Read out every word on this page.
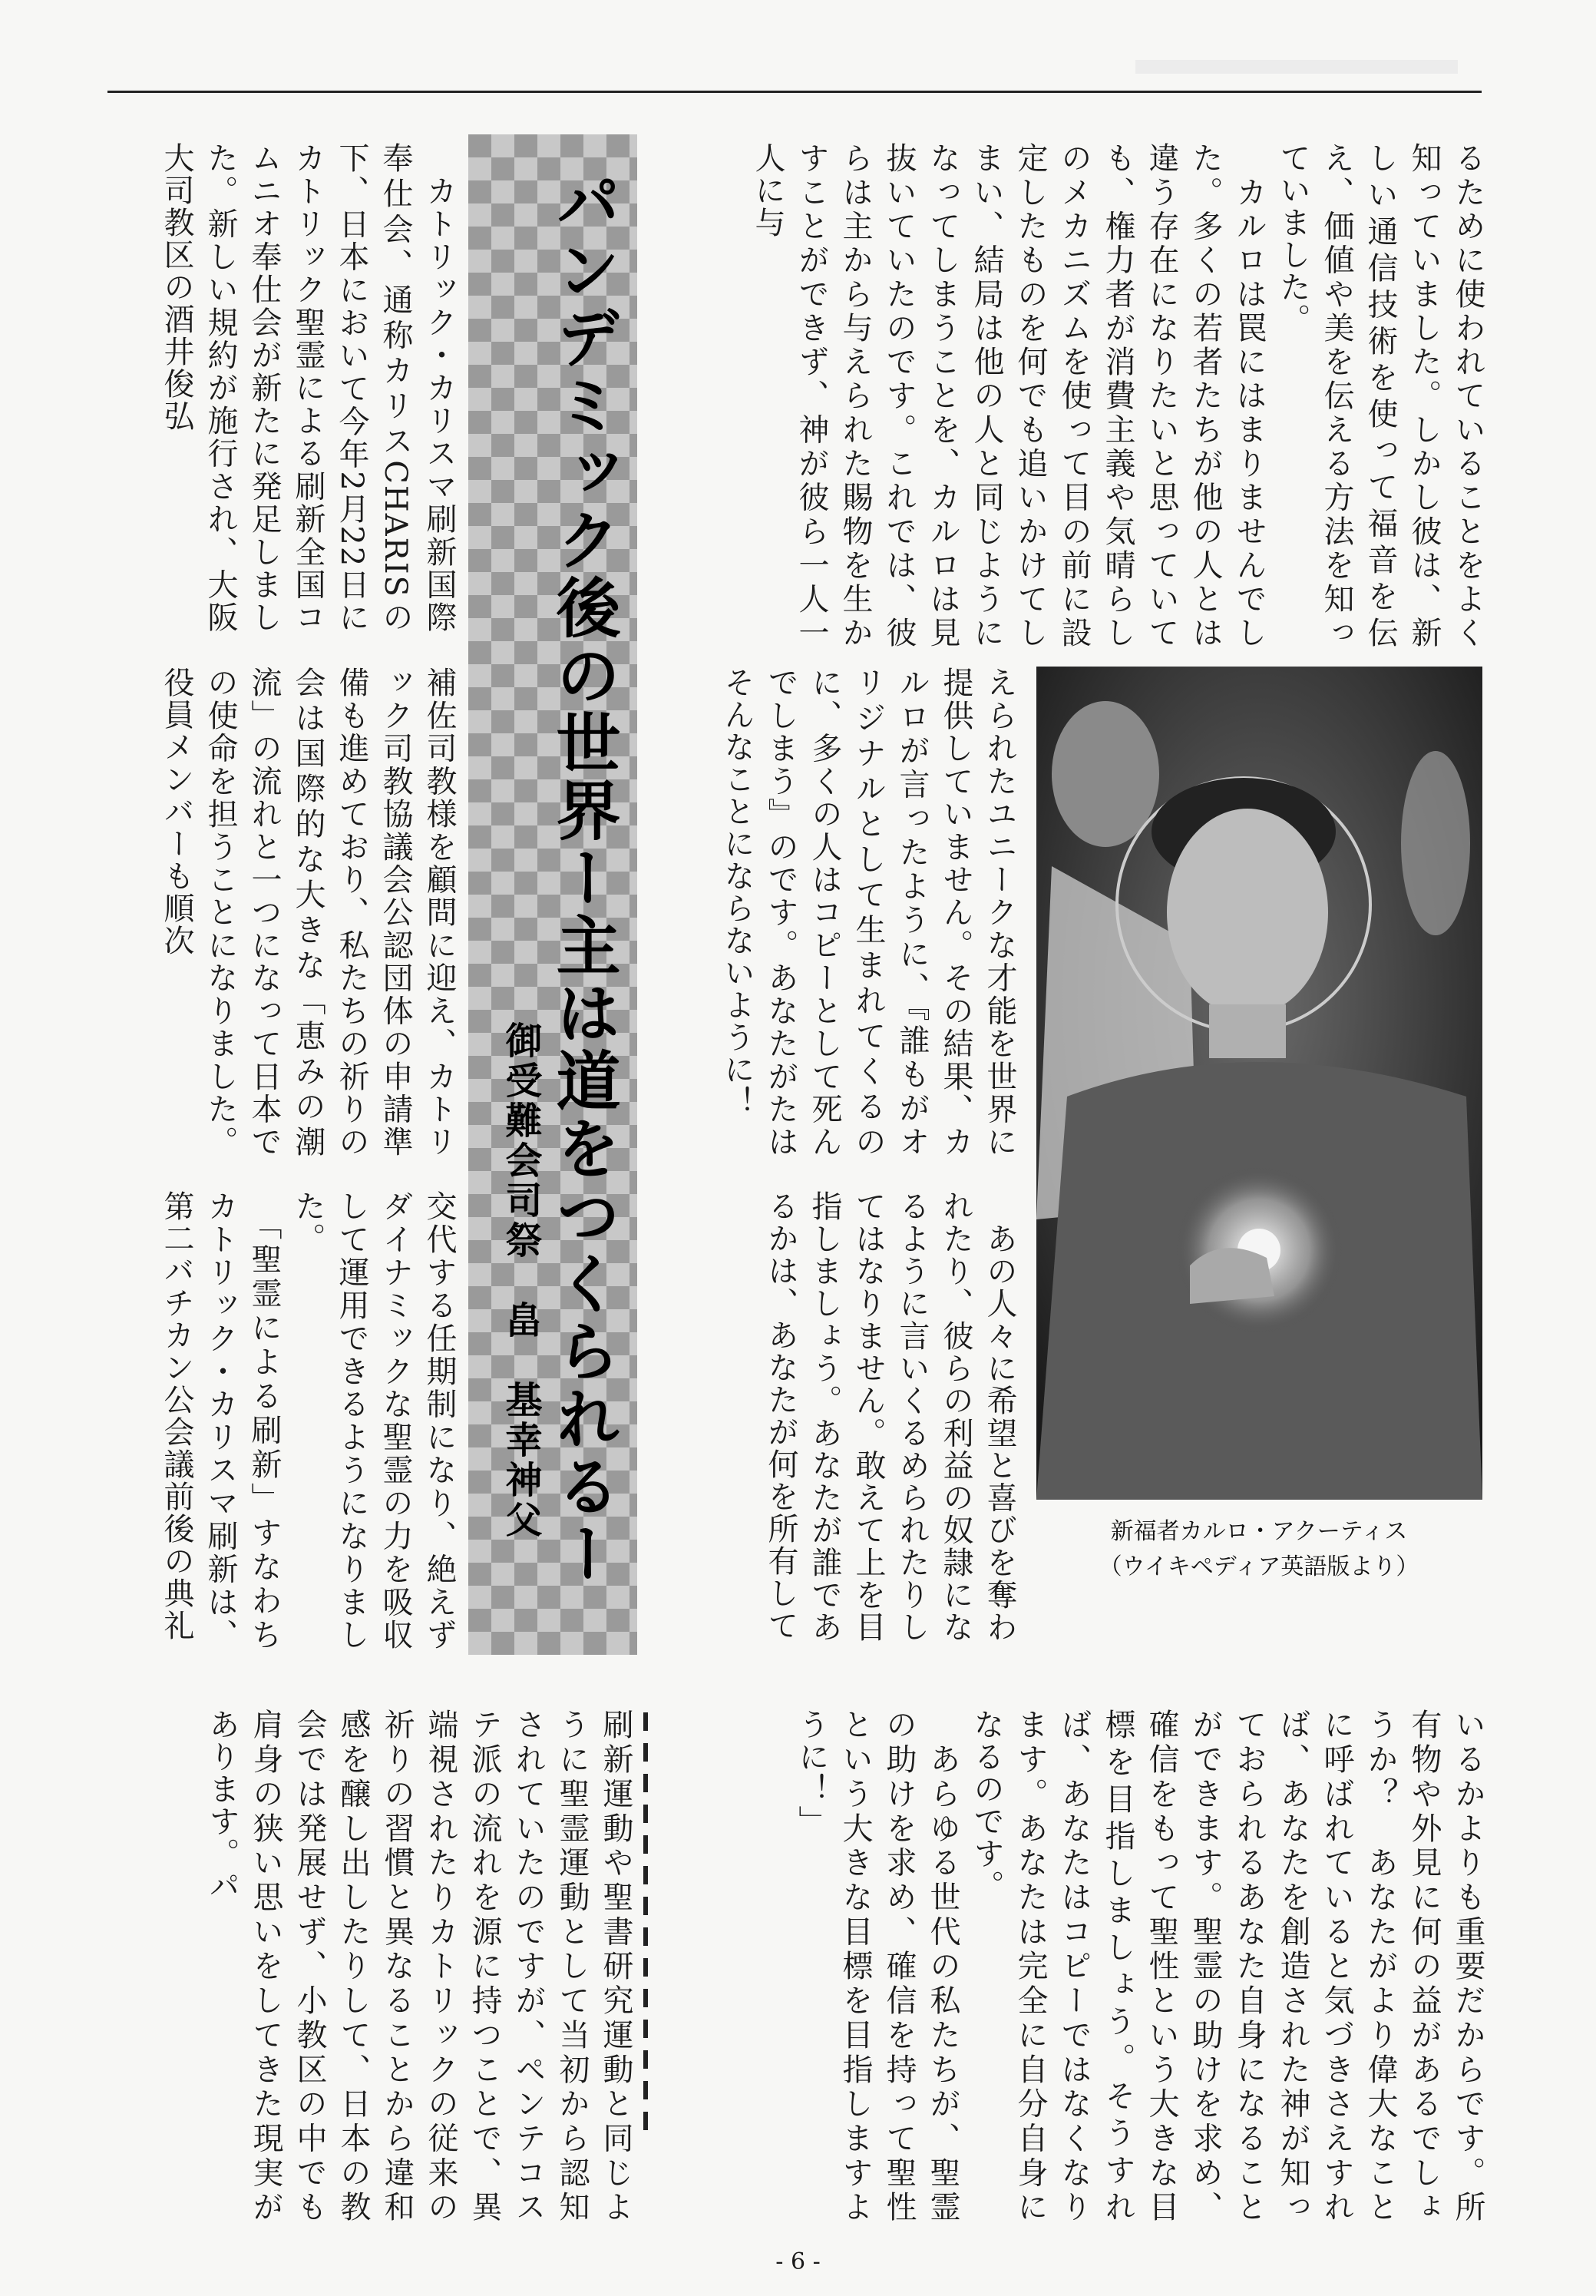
るために使われていることをよく知っていました。しかし彼は、新しい通信技術を使って福音を伝え、価値や美を伝える方法を知っていました。
　カルロは罠にはまりませんでした。多くの若者たちが他の人とは違う存在になりたいと思っていても、権力者が消費主義や気晴らしのメカニズムを使って目の前に設定したものを何でも追いかけてしまい、結局は他の人と同じようになってしまうことを、カルロは見抜いていたのです。これでは、彼らは主から与えられた賜物を生かすことができず、神が彼ら一人一人に与
新福者カルロ・アクーティス
（ウイキペディア英語版より）
えられたユニークな才能を世界に提供していません。その結果、カルロが言ったように、『誰もがオリジナルとして生まれてくるのに、多くの人はコピーとして死んでしまう』のです。あなたがたはそんなことにならないように！
　あの人々に希望と喜びを奪われたり、彼らの利益の奴隷になるように言いくるめられたりしてはなりません。敢えて上を目指しましょう。あなたが誰であるかは、あなたが何を所有して
いるかよりも重要だからです。所有物や外見に何の益があるでしょうか？　あなたがより偉大なことに呼ばれていると気づきさえすれば、あなたを創造された神が知っておられるあなた自身になることができます。聖霊の助けを求め、確信をもって聖性という大きな目標を目指しましょう。そうすれば、あなたはコピーではなくなります。あなたは完全に自分自身になるのです。
　あらゆる世代の私たちが、聖霊の助けを求め、確信を持って聖性という大きな目標を目指しますように！」
パンデミック後の世界ー主は道をつくられるー
御受難会司祭　畠　基幸神父
　カトリック・カリスマ刷新国際奉仕会、通称カリスCHARISの下、日本において今年2月22日にカトリック聖霊による刷新全国コムニオ奉仕会が新たに発足しました。新しい規約が施行され、大阪大司教区の酒井俊弘
補佐司教様を顧問に迎え、カトリック司教協議会公認団体の申請準備も進めており、私たちの祈りの会は国際的な大きな「恵みの潮流」の流れと一つになって日本での使命を担うことになりました。役員メンバーも順次
交代する任期制になり、絶えずダイナミックな聖霊の力を吸収して運用できるようになりました。
　「聖霊による刷新」すなわちカトリック・カリスマ刷新は、第二バチカン公会議前後の典礼
刷新運動や聖書研究運動と同じように聖霊運動として当初から認知されていたのですが、ペンテコステ派の流れを源に持つことで、異端視されたりカトリックの従来の祈りの習慣と異なることから違和感を醸し出したりして、日本の教会では発展せず、小教区の中でも肩身の狭い思いをしてきた現実があります。パ
- 6 -
